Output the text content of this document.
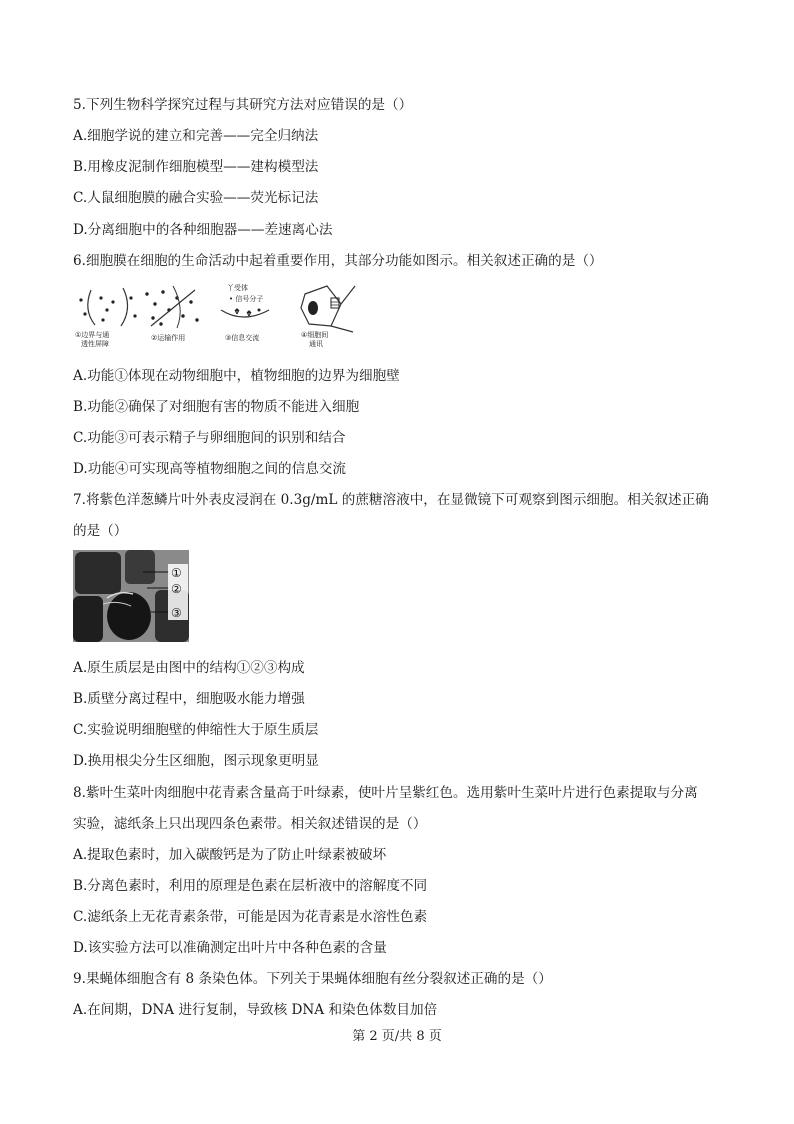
5.下列生物科学探究过程与其研究方法对应错误的是（）
A.细胞学说的建立和完善——完全归纳法
B.用橡皮泥制作细胞模型——建构模型法
C.人鼠细胞膜的融合实验——荧光标记法
D.分离细胞中的各种细胞器——差速离心法
6.细胞膜在细胞的生命活动中起着重要作用，其部分功能如图示。相关叙述正确的是（）
丫受体
• 信号分子
①边界与通
透性屏障
②运输作用	③信息交流	④细胞间
通讯
A.功能①体现在动物细胞中，植物细胞的边界为细胞壁
B.功能②确保了对细胞有害的物质不能进入细胞
C.功能③可表示精子与卵细胞间的识别和结合
D.功能④可实现高等植物细胞之间的信息交流
7.将紫色洋葱鳞片叶外表皮浸润在 0.3g/mL 的蔗糖溶液中，在显微镜下可观察到图示细胞。相关叙述正确
的是（）
①
②
③
A.原生质层是由图中的结构①②③构成
B.质壁分离过程中，细胞吸水能力增强
C.实验说明细胞壁的伸缩性大于原生质层
D.换用根尖分生区细胞，图示现象更明显
8.紫叶生菜叶肉细胞中花青素含量高于叶绿素，使叶片呈紫红色。选用紫叶生菜叶片进行色素提取与分离
实验，滤纸条上只出现四条色素带。相关叙述错误的是（）
A.提取色素时，加入碳酸钙是为了防止叶绿素被破坏
B.分离色素时，利用的原理是色素在层析液中的溶解度不同
C.滤纸条上无花青素条带，可能是因为花青素是水溶性色素
D.该实验方法可以准确测定出叶片中各种色素的含量
9.果蝇体细胞含有 8 条染色体。下列关于果蝇体细胞有丝分裂叙述正确的是（）
A.在间期，DNA 进行复制，导致核 DNA 和染色体数目加倍
第 2 页/共 8 页
